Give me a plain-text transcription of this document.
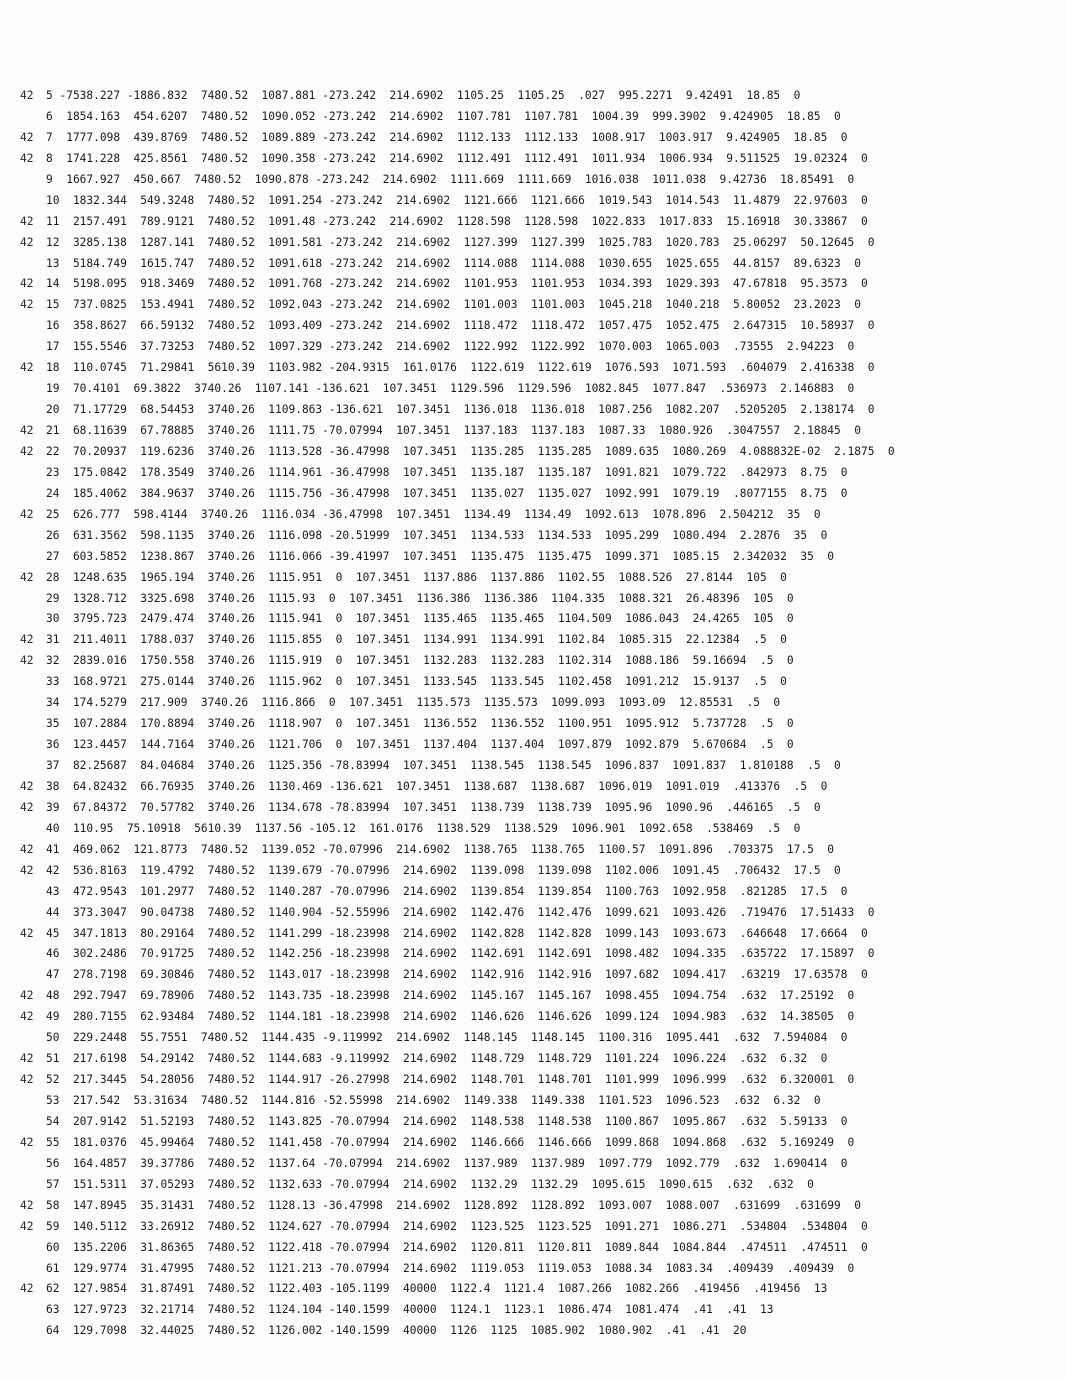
42 5 -7538.227 -1886.832  7480.52  1087.881 -273.242  214.6902  1105.25  1105.25  .027  995.2271  9.42491  18.85  0
6  1854.163  454.6207  7480.52  1090.052 -273.242  214.6902  1107.781  1107.781  1004.39  999.3902  9.424905  18.85  0
42 7  1777.098  439.8769  7480.52  1089.889 -273.242  214.6902  1112.133  1112.133  1008.917  1003.917  9.424905  18.85  0
42 8  1741.228  425.8561  7480.52  1090.358 -273.242  214.6902  1112.491  1112.491  1011.934  1006.934  9.511525  19.02324  0
9  1667.927  450.667  7480.52  1090.878 -273.242  214.6902  1111.669  1111.669  1016.038  1011.038  9.42736  18.85491  0
10  1832.344  549.3248  7480.52  1091.254 -273.242  214.6902  1121.666  1121.666  1019.543  1014.543  11.4879  22.97603  0
42 11  2157.491  789.9121  7480.52  1091.48 -273.242  214.6902  1128.598  1128.598  1022.833  1017.833  15.16918  30.33867  0
42 12  3285.138  1287.141  7480.52  1091.581 -273.242  214.6902  1127.399  1127.399  1025.783  1020.783  25.06297  50.12645  0
13  5184.749  1615.747  7480.52  1091.618 -273.242  214.6902  1114.088  1114.088  1030.655  1025.655  44.8157  89.6323  0
42 14  5198.095  918.3469  7480.52  1091.768 -273.242  214.6902  1101.953  1101.953  1034.393  1029.393  47.67818  95.3573  0
42 15  737.0825  153.4941  7480.52  1092.043 -273.242  214.6902  1101.003  1101.003  1045.218  1040.218  5.80052  23.2023  0
16  358.8627  66.59132  7480.52  1093.409 -273.242  214.6902  1118.472  1118.472  1057.475  1052.475  2.647315  10.58937  0
17  155.5546  37.73253  7480.52  1097.329 -273.242  214.6902  1122.992  1122.992  1070.003  1065.003  .73555  2.94223  0
42 18  110.0745  71.29841  5610.39  1103.982 -204.9315  161.0176  1122.619  1122.619  1076.593  1071.593  .604079  2.416338  0
19  70.4101  69.3822  3740.26  1107.141 -136.621  107.3451  1129.596  1129.596  1082.845  1077.847  .536973  2.146883  0
20  71.17729  68.54453  3740.26  1109.863 -136.621  107.3451  1136.018  1136.018  1087.256  1082.207  .5205205  2.138174  0
42 21  68.11639  67.78885  3740.26  1111.75 -70.07994  107.3451  1137.183  1137.183  1087.33  1080.926  .3047557  2.18845  0
42 22  70.20937  119.6236  3740.26  1113.528 -36.47998  107.3451  1135.285  1135.285  1089.635  1080.269  4.088832E-02  2.1875  0
23  175.0842  178.3549  3740.26  1114.961 -36.47998  107.3451  1135.187  1135.187  1091.821  1079.722  .842973  8.75  0
24  185.4062  384.9637  3740.26  1115.756 -36.47998  107.3451  1135.027  1135.027  1092.991  1079.19  .8077155  8.75  0
42 25  626.777  598.4144  3740.26  1116.034 -36.47998  107.3451  1134.49  1134.49  1092.613  1078.896  2.504212  35  0
26  631.3562  598.1135  3740.26  1116.098 -20.51999  107.3451  1134.533  1134.533  1095.299  1080.494  2.2876  35  0
27  603.5852  1238.867  3740.26  1116.066 -39.41997  107.3451  1135.475  1135.475  1099.371  1085.15  2.342032  35  0
42 28  1248.635  1965.194  3740.26  1115.951  0  107.3451  1137.886  1137.886  1102.55  1088.526  27.8144  105  0
29  1328.712  3325.698  3740.26  1115.93  0  107.3451  1136.386  1136.386  1104.335  1088.321  26.48396  105  0
30  3795.723  2479.474  3740.26  1115.941  0  107.3451  1135.465  1135.465  1104.509  1086.043  24.4265  105  0
42 31  211.4011  1788.037  3740.26  1115.855  0  107.3451  1134.991  1134.991  1102.84  1085.315  22.12384  .5  0
42 32  2839.016  1750.558  3740.26  1115.919  0  107.3451  1132.283  1132.283  1102.314  1088.186  59.16694  .5  0
33  168.9721  275.0144  3740.26  1115.962  0  107.3451  1133.545  1133.545  1102.458  1091.212  15.9137  .5  0
34  174.5279  217.909  3740.26  1116.866  0  107.3451  1135.573  1135.573  1099.093  1093.09  12.85531  .5  0
35  107.2884  170.8894  3740.26  1118.907  0  107.3451  1136.552  1136.552  1100.951  1095.912  5.737728  .5  0
36  123.4457  144.7164  3740.26  1121.706  0  107.3451  1137.404  1137.404  1097.879  1092.879  5.670684  .5  0
37  82.25687  84.04684  3740.26  1125.356 -78.83994  107.3451  1138.545  1138.545  1096.837  1091.837  1.810188  .5  0
42 38  64.82432  66.76935  3740.26  1130.469 -136.621  107.3451  1138.687  1138.687  1096.019  1091.019  .413376  .5  0
42 39  67.84372  70.57782  3740.26  1134.678 -78.83994  107.3451  1138.739  1138.739  1095.96  1090.96  .446165  .5  0
40  110.95  75.10918  5610.39  1137.56 -105.12  161.0176  1138.529  1138.529  1096.901  1092.658  .538469  .5  0
42 41  469.062  121.8773  7480.52  1139.052 -70.07996  214.6902  1138.765  1138.765  1100.57  1091.896  .703375  17.5  0
42 42  536.8163  119.4792  7480.52  1139.679 -70.07996  214.6902  1139.098  1139.098  1102.006  1091.45  .706432  17.5  0
43  472.9543  101.2977  7480.52  1140.287 -70.07996  214.6902  1139.854  1139.854  1100.763  1092.958  .821285  17.5  0
44  373.3047  90.04738  7480.52  1140.904 -52.55996  214.6902  1142.476  1142.476  1099.621  1093.426  .719476  17.51433  0
42 45  347.1813  80.29164  7480.52  1141.299 -18.23998  214.6902  1142.828  1142.828  1099.143  1093.673  .646648  17.6664  0
46  302.2486  70.91725  7480.52  1142.256 -18.23998  214.6902  1142.691  1142.691  1098.482  1094.335  .635722  17.15897  0
47  278.7198  69.30846  7480.52  1143.017 -18.23998  214.6902  1142.916  1142.916  1097.682  1094.417  .63219  17.63578  0
42 48  292.7947  69.78906  7480.52  1143.735 -18.23998  214.6902  1145.167  1145.167  1098.455  1094.754  .632  17.25192  0
42 49  280.7155  62.93484  7480.52  1144.181 -18.23998  214.6902  1146.626  1146.626  1099.124  1094.983  .632  14.38505  0
50  229.2448  55.7551  7480.52  1144.435 -9.119992  214.6902  1148.145  1148.145  1100.316  1095.441  .632  7.594084  0
42 51  217.6198  54.29142  7480.52  1144.683 -9.119992  214.6902  1148.729  1148.729  1101.224  1096.224  .632  6.32  0
42 52  217.3445  54.28056  7480.52  1144.917 -26.27998  214.6902  1148.701  1148.701  1101.999  1096.999  .632  6.320001  0
53  217.542  53.31634  7480.52  1144.816 -52.55998  214.6902  1149.338  1149.338  1101.523  1096.523  .632  6.32  0
54  207.9142  51.52193  7480.52  1143.825 -70.07994  214.6902  1148.538  1148.538  1100.867  1095.867  .632  5.59133  0
42 55  181.0376  45.99464  7480.52  1141.458 -70.07994  214.6902  1146.666  1146.666  1099.868  1094.868  .632  5.169249  0
56  164.4857  39.37786  7480.52  1137.64 -70.07994  214.6902  1137.989  1137.989  1097.779  1092.779  .632  1.690414  0
57  151.5311  37.05293  7480.52  1132.633 -70.07994  214.6902  1132.29  1132.29  1095.615  1090.615  .632  .632  0
42 58  147.8945  35.31431  7480.52  1128.13 -36.47998  214.6902  1128.892  1128.892  1093.007  1088.007  .631699  .631699  0
42 59  140.5112  33.26912  7480.52  1124.627 -70.07994  214.6902  1123.525  1123.525  1091.271  1086.271  .534804  .534804  0
60  135.2206  31.86365  7480.52  1122.418 -70.07994  214.6902  1120.811  1120.811  1089.844  1084.844  .474511  .474511  0
61  129.9774  31.47995  7480.52  1121.213 -70.07994  214.6902  1119.053  1119.053  1088.34  1083.34  .409439  .409439  0
42 62  127.9854  31.87491  7480.52  1122.403 -105.1199  40000  1122.4  1121.4  1087.266  1082.266  .419456  .419456  13
63  127.9723  32.21714  7480.52  1124.104 -140.1599  40000  1124.1  1123.1  1086.474  1081.474  .41  .41  13
64  129.7098  32.44025  7480.52  1126.002 -140.1599  40000  1126  1125  1085.902  1080.902  .41  .41  20
